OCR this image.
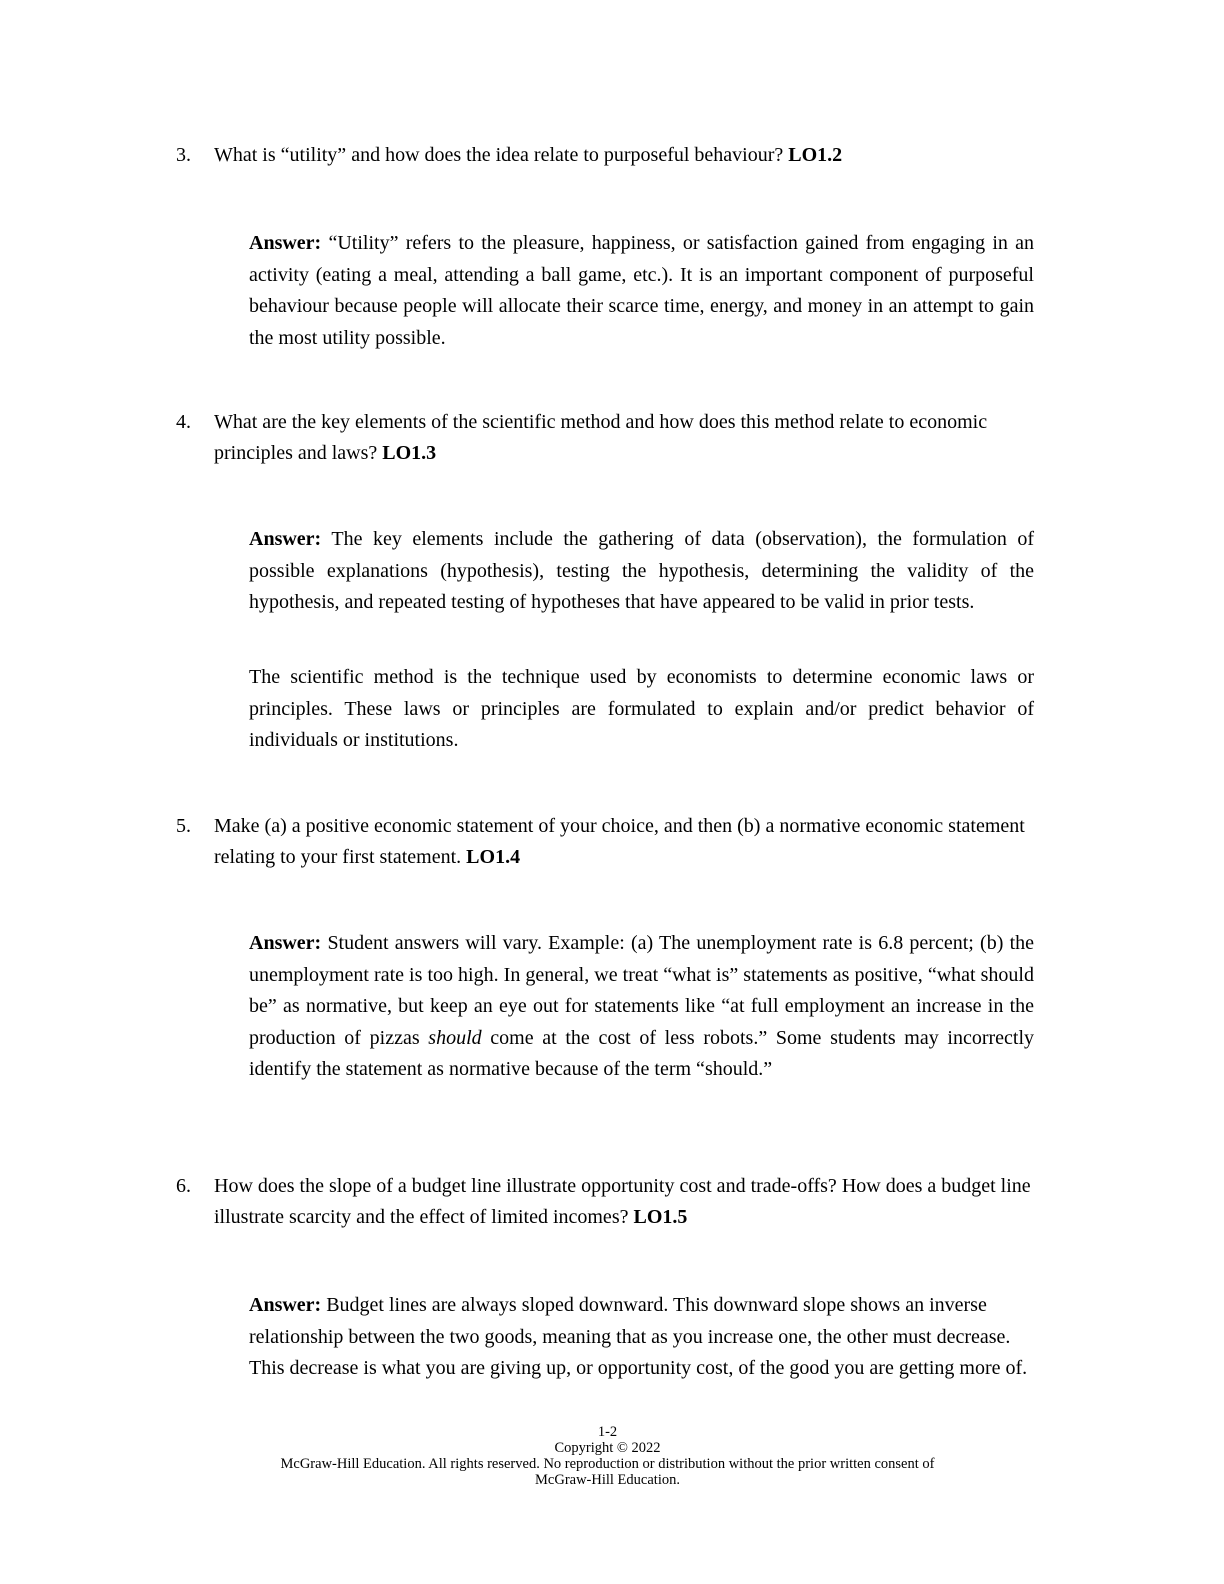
3. What is “utility” and how does the idea relate to purposeful behaviour? LO1.2

Answer: “Utility” refers to the pleasure, happiness, or satisfaction gained from engaging in an activity (eating a meal, attending a ball game, etc.). It is an important component of purposeful behaviour because people will allocate their scarce time, energy, and money in an attempt to gain the most utility possible.

4. What are the key elements of the scientific method and how does this method relate to economic principles and laws? LO1.3

Answer: The key elements include the gathering of data (observation), the formulation of possible explanations (hypothesis), testing the hypothesis, determining the validity of the hypothesis, and repeated testing of hypotheses that have appeared to be valid in prior tests.

The scientific method is the technique used by economists to determine economic laws or principles. These laws or principles are formulated to explain and/or predict behavior of individuals or institutions.

5. Make (a) a positive economic statement of your choice, and then (b) a normative economic statement relating to your first statement. LO1.4

Answer: Student answers will vary. Example: (a) The unemployment rate is 6.8 percent; (b) the unemployment rate is too high. In general, we treat “what is” statements as positive, “what should be” as normative, but keep an eye out for statements like “at full employment an increase in the production of pizzas should come at the cost of less robots.” Some students may incorrectly identify the statement as normative because of the term “should.”

6. How does the slope of a budget line illustrate opportunity cost and trade-offs? How does a budget line illustrate scarcity and the effect of limited incomes? LO1.5

Answer: Budget lines are always sloped downward. This downward slope shows an inverse relationship between the two goods, meaning that as you increase one, the other must decrease. This decrease is what you are giving up, or opportunity cost, of the good you are getting more of.

1-2
Copyright © 2022
McGraw-Hill Education. All rights reserved. No reproduction or distribution without the prior written consent of
McGraw-Hill Education.
